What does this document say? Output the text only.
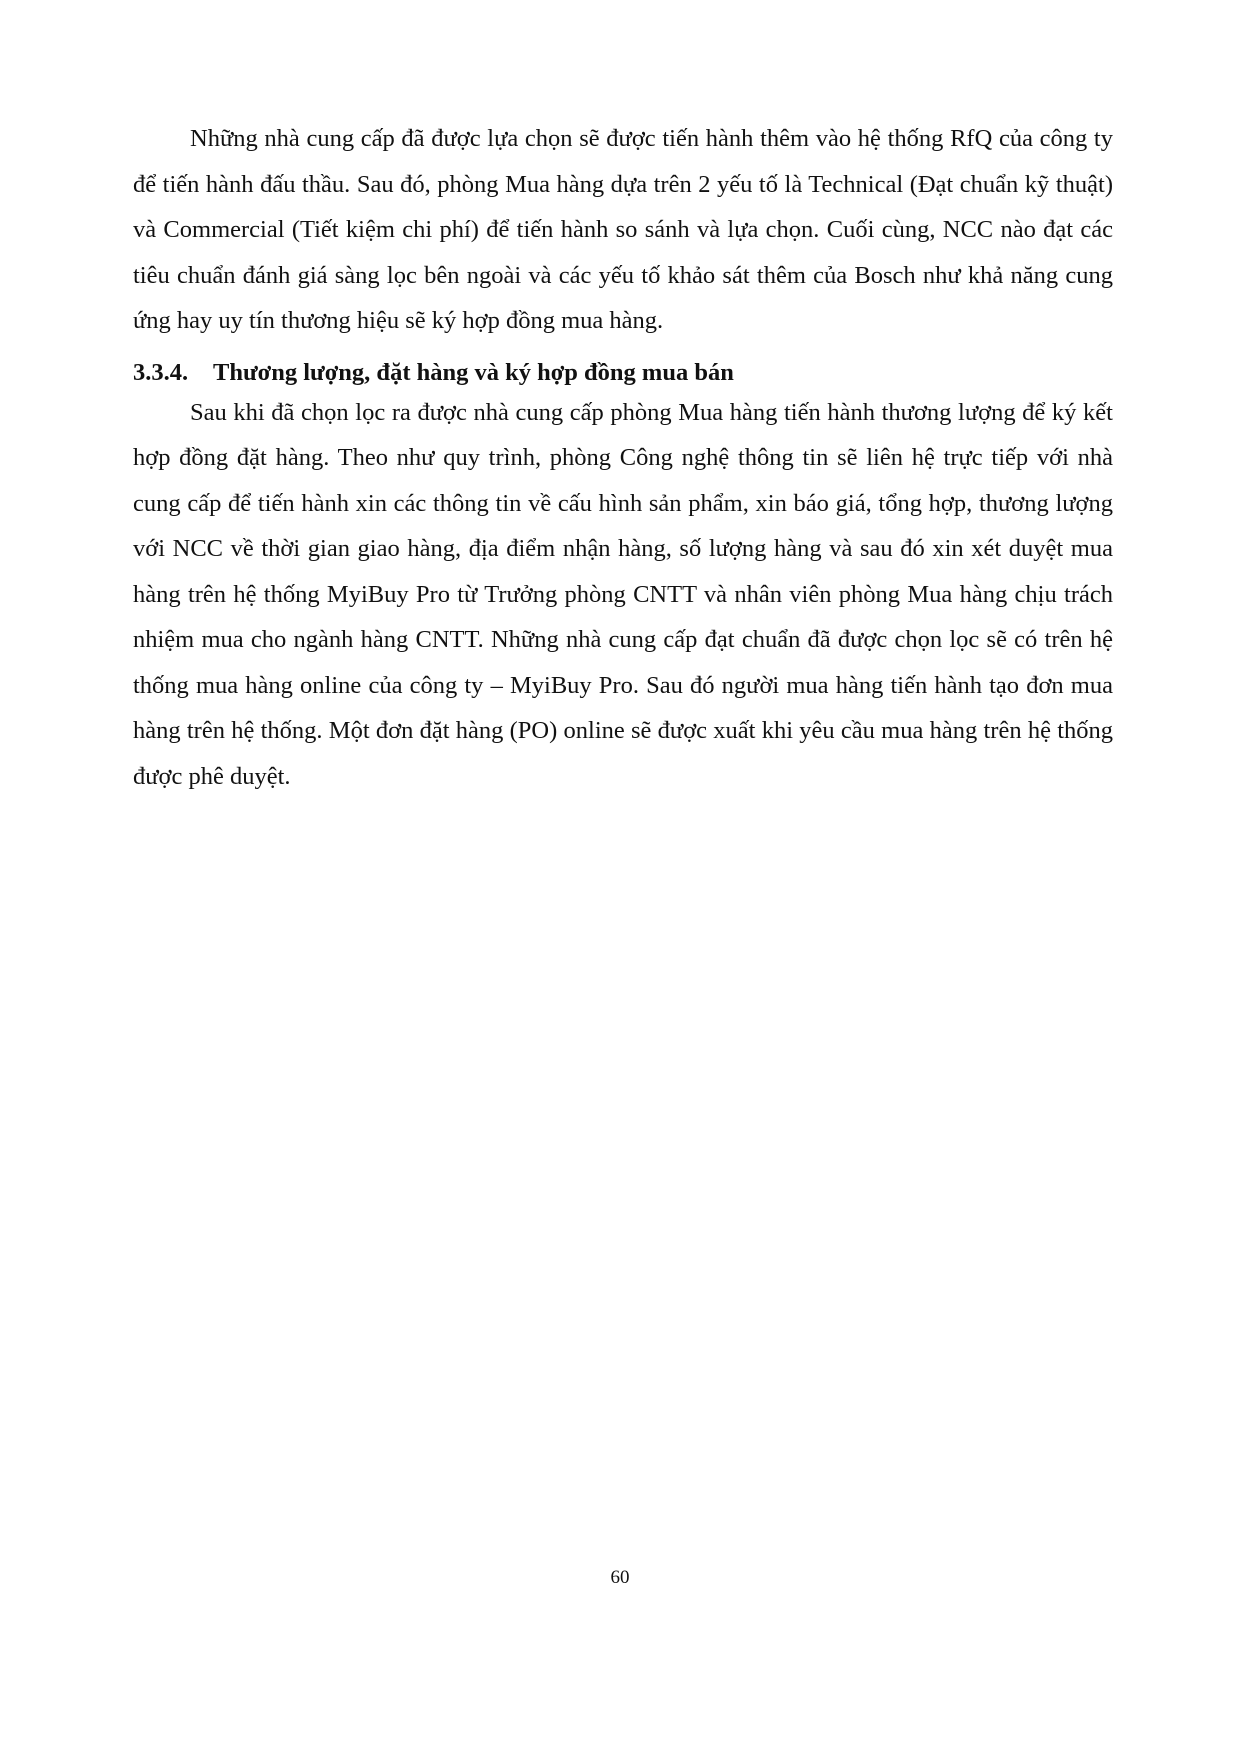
Những nhà cung cấp đã được lựa chọn sẽ được tiến hành thêm vào hệ thống RfQ của công ty để tiến hành đấu thầu. Sau đó, phòng Mua hàng dựa trên 2 yếu tố là Technical (Đạt chuẩn kỹ thuật) và Commercial (Tiết kiệm chi phí) để tiến hành so sánh và lựa chọn. Cuối cùng, NCC nào đạt các tiêu chuẩn đánh giá sàng lọc bên ngoài và các yếu tố khảo sát thêm của Bosch như khả năng cung ứng hay uy tín thương hiệu sẽ ký hợp đồng mua hàng.

3.3.4.	Thương lượng, đặt hàng và ký hợp đồng mua bán

Sau khi đã chọn lọc ra được nhà cung cấp phòng Mua hàng tiến hành thương lượng để ký kết hợp đồng đặt hàng. Theo như quy trình, phòng Công nghệ thông tin sẽ liên hệ trực tiếp với nhà cung cấp để tiến hành xin các thông tin về cấu hình sản phẩm, xin báo giá, tổng hợp, thương lượng với NCC về thời gian giao hàng, địa điểm nhận hàng, số lượng hàng và sau đó xin xét duyệt mua hàng trên hệ thống MyiBuy Pro từ Trưởng phòng CNTT và nhân viên phòng Mua hàng chịu trách nhiệm mua cho ngành hàng CNTT. Những nhà cung cấp đạt chuẩn đã được chọn lọc sẽ có trên hệ thống mua hàng online của công ty – MyiBuy Pro. Sau đó người mua hàng tiến hành tạo đơn mua hàng trên hệ thống. Một đơn đặt hàng (PO) online sẽ được xuất khi yêu cầu mua hàng trên hệ thống được phê duyệt.

60
